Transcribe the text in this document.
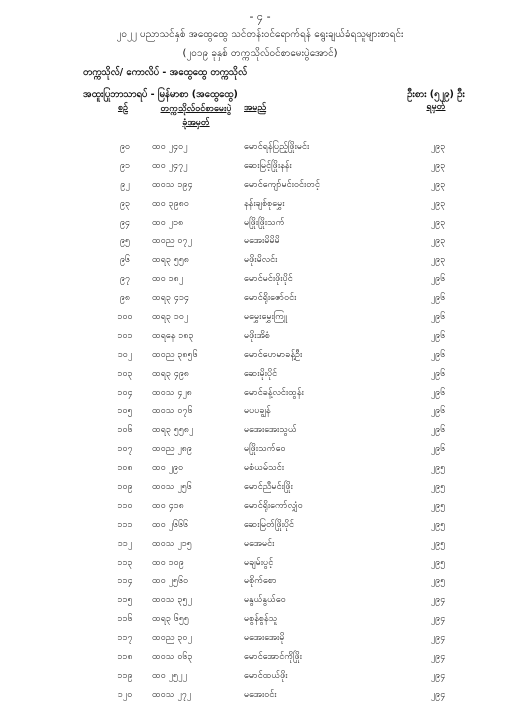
- ၄ -
၂၀၂၂ ပညာသင်နှစ် အထွေထွေ သင်တန်းဝင်ရောက်ရန် ရွေးချယ်ခံရသူများစာရင်း
(၂၀၁၉ ခုနှစ် တက္ကသိုလ်ဝင်စာမေးပွဲအောင်)
တက္ကသိုလ်/ ကောလိပ် - အထွေထွေ တက္ကသိုလ်
အထူးပြုဘာသာရပ် - မြန်မာစာ (အထွေထွေ)	ဦးစား (၅၂၉) ဦး
ရမှတ်
စဉ်	တက္ကသိုလ်ဝင်စာမေးပွဲ
ခုံအမှတ်
အမည်
၉၀	ထဝ ၂၄၀၂	မောင်ရန်ပြည့်ဖြိုးမင်း	၂၉၃
၉၁	ထဝ ၂၄၇၂	ဆေးမြင့်ဖြိုးနန်း	၂၉၃
၉၂	ထဝသ ၁၉၄	မောင်ကျော်မင်းဝင်းတင့်	၂၉၃
၉၃	ထဝ ၃၉၈၀	နန်းချစ်စုမွှေး	၂၉၃
၉၄	ထဝ ၂၁၈	မဖြိုးဖြိုးသက်	၂၉၃
၉၅	ထဝည ၀၇၂	မအေးမိမိမိ	၂၉၃
၉၆	ထရ၃ ၅၅၈	မဖိုးမိလင်း	၂၉၃
၉၇	ထဝ ၁၈၂	မောင်မင်းဖိုးပိုင်	၂၉၆
၉၈	ထရ၃ ၄၁၄	မောင်ရိုးဇော်ဝင်း	၂၉၆
၁၀၀	ထရ၃ ၁၀၂	မမွှေးမွှေးကြူ	၂၉၆
၁၀၁	ထရနေ ၁၈၃	မဖိုးအိစံ	၂၉၆
၁၀၂	ထဝည ၃၈၅၆	မောင်ဟေမာခန့်ဦး	၂၉၆
၁၀၃	ထရ၃ ၄၉၈	ဆေးမိုးပိုင်	၂၉၆
၁၀၄	ထဝသ ၄၂၈	မောင်ခန့်လင်းထွန်း	၂၉၆
၁၀၅	ထဝသ ၀၇၆	မပပချွန်	၂၉၆
၁၀၆	ထရ၃ ၅၅၈၂	မအေးအေးသွယ်	၂၉၆
၁၀၇	ထဝည ၂၈၉	မဖြိုးသက်ဝေ	၂၉၆
၁၀၈	ထဝ ၂၉၀	မစံယမ်သင်း	၂၉၅
၁၀၉	ထဝသ ၂၅၆	မောင်ညီမင်းဖြိုး	၂၉၅
၁၁၀	ထဝ ၄၁၈	မောင်ရိုးကော်လျှံဝ	၂၉၅
၁၁၁	ထဝ ၂၆၆၆	ဆေးမြတ်ဖြိုးပိုင်	၂၉၅
၁၁၂	ထဝသ ၂၁၅	မအေမင်း	၂၉၅
၁၁၃	ထဝ ၁၀၉	မချမ်းပွင့်	၂၉၅
၁၁၄	ထဝ ၂၅၆၀	မစိုက်စော	၂၉၅
၁၁၅	ထဝသ ၃၅၂	မနွယ်နွယ်ဝေ	၂၉၄
၁၁၆	ထရ၃ ၆၅၅	မစွန်စွန်သူ	၂၉၄
၁၁၇	ထဝည ၃၀၂	မအေးအေးမို	၂၉၄
၁၁၈	ထဝသ ၀၆၃	မောင်အောင်ကိုဖြိုး	၂၉၄
၁၁၉	ထဝ ၂၅၂၂	မောင်ထယ်ဖိုး	၂၉၄
၁၂၀	ထဝသ ၂၇၂	မအေးဝင်း	၂၉၄
